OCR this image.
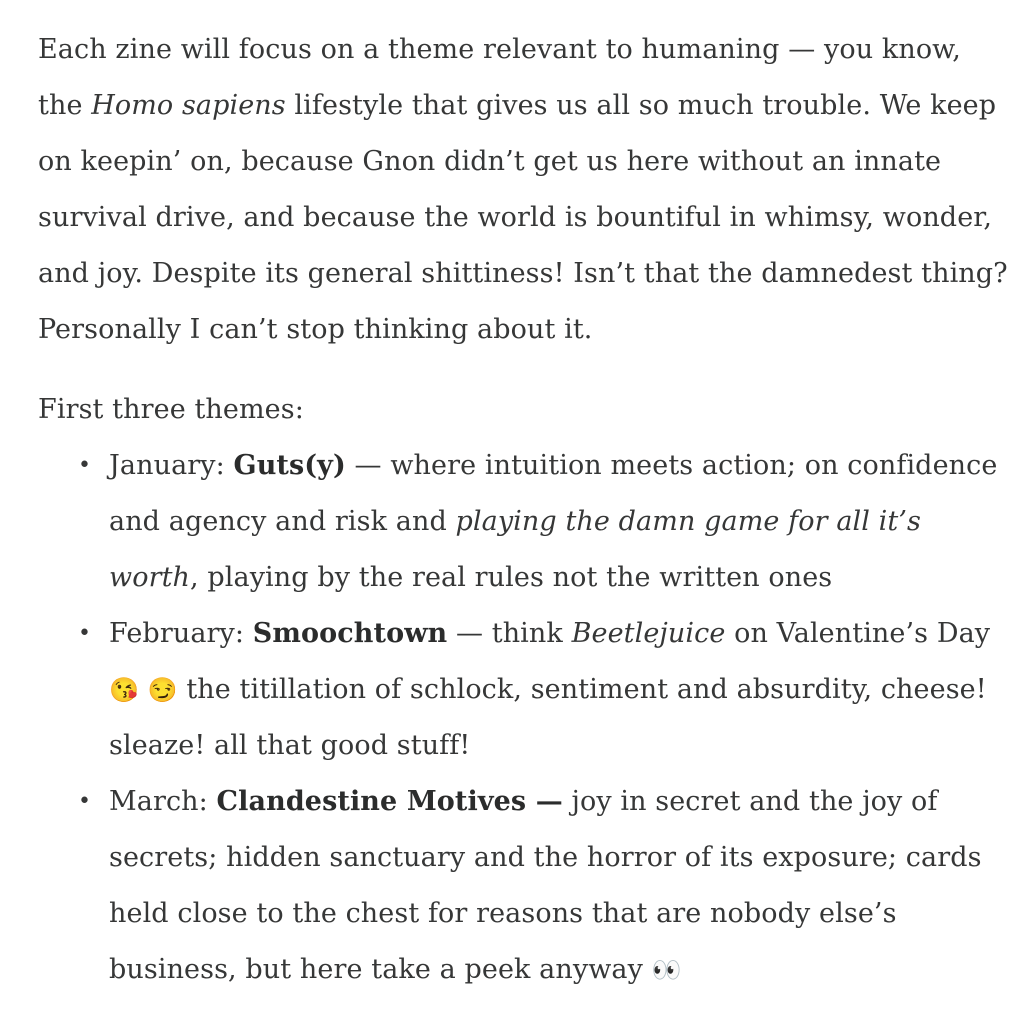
Each zine will focus on a theme relevant to humaning — you know, the Homo sapiens lifestyle that gives us all so much trouble. We keep on keepin’ on, because Gnon didn’t get us here without an innate survival drive, and because the world is bountiful in whimsy, wonder, and joy. Despite its general shittiness! Isn’t that the damnedest thing? Personally I can’t stop thinking about it.

First three themes:

• January: Guts(y) — where intuition meets action; on confidence and agency and risk and playing the damn game for all it’s worth, playing by the real rules not the written ones
• February: Smoochtown — think Beetlejuice on Valentine’s Day 😘 😏 the titillation of schlock, sentiment and absurdity, cheese! sleaze! all that good stuff!
• March: Clandestine Motives — joy in secret and the joy of secrets; hidden sanctuary and the horror of its exposure; cards held close to the chest for reasons that are nobody else’s business, but here take a peek anyway 👀
